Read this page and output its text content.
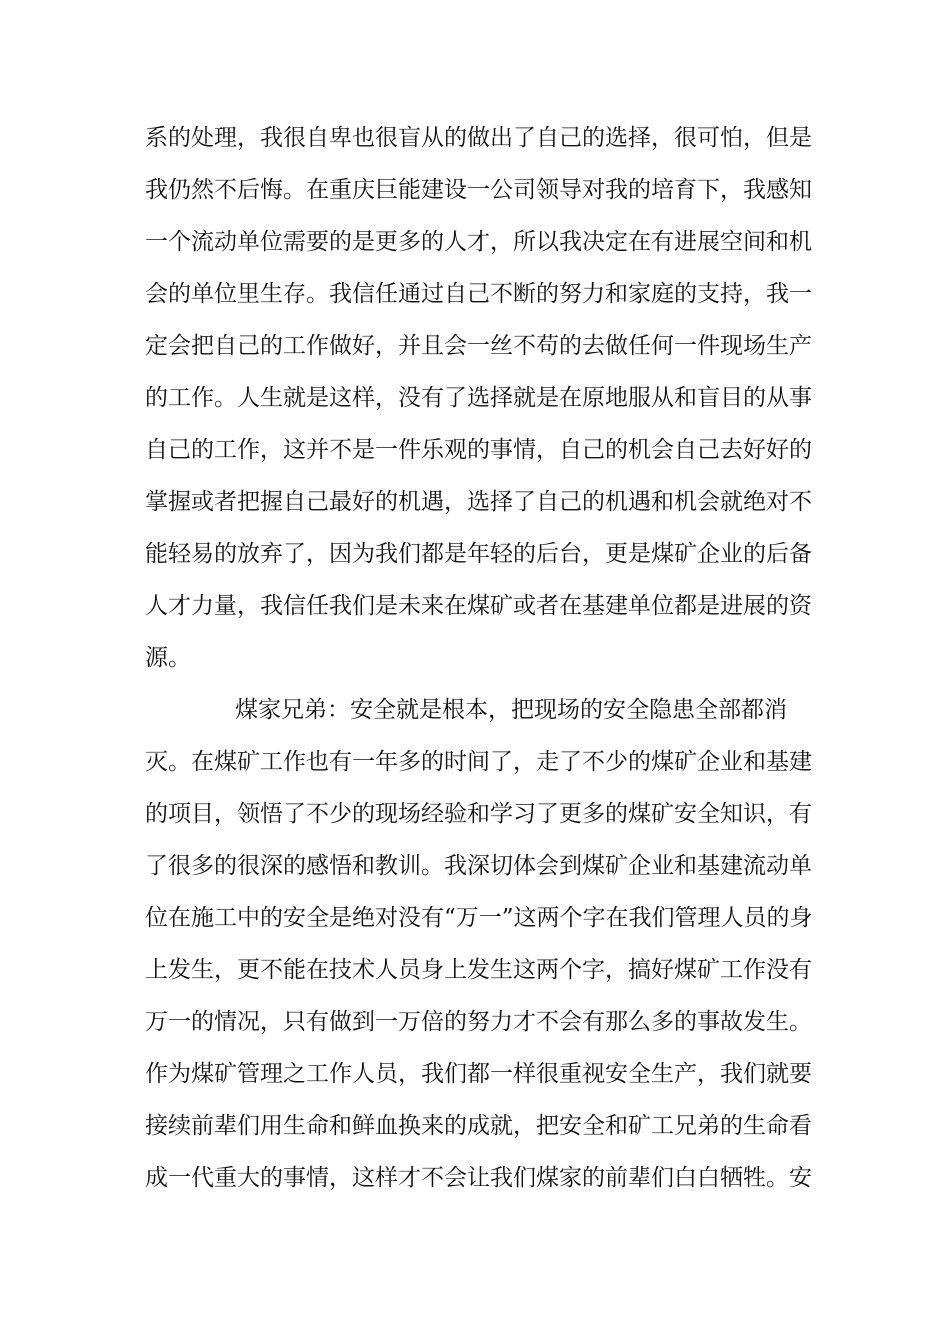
系的处理，我很自卑也很盲从的做出了自己的选择，很可怕，但是
我仍然不后悔。在重庆巨能建设一公司领导对我的培育下，我感知
一个流动单位需要的是更多的人才，所以我决定在有进展空间和机
会的单位里生存。我信任通过自己不断的努力和家庭的支持，我一
定会把自己的工作做好，并且会一丝不苟的去做任何一件现场生产
的工作。人生就是这样，没有了选择就是在原地服从和盲目的从事
自己的工作，这并不是一件乐观的事情，自己的机会自己去好好的
掌握或者把握自己最好的机遇，选择了自己的机遇和机会就绝对不
能轻易的放弃了，因为我们都是年轻的后台，更是煤矿企业的后备
人才力量，我信任我们是未来在煤矿或者在基建单位都是进展的资
源。
煤家兄弟：安全就是根本，把现场的安全隐患全部都消
灭。在煤矿工作也有一年多的时间了，走了不少的煤矿企业和基建
的项目，领悟了不少的现场经验和学习了更多的煤矿安全知识，有
了很多的很深的感悟和教训。我深切体会到煤矿企业和基建流动单
位在施工中的安全是绝对没有“万一”这两个字在我们管理人员的身
上发生，更不能在技术人员身上发生这两个字，搞好煤矿工作没有
万一的情况，只有做到一万倍的努力才不会有那么多的事故发生。
作为煤矿管理之工作人员，我们都一样很重视安全生产，我们就要
接续前辈们用生命和鲜血换来的成就，把安全和矿工兄弟的生命看
成一代重大的事情，这样才不会让我们煤家的前辈们白白牺牲。安
